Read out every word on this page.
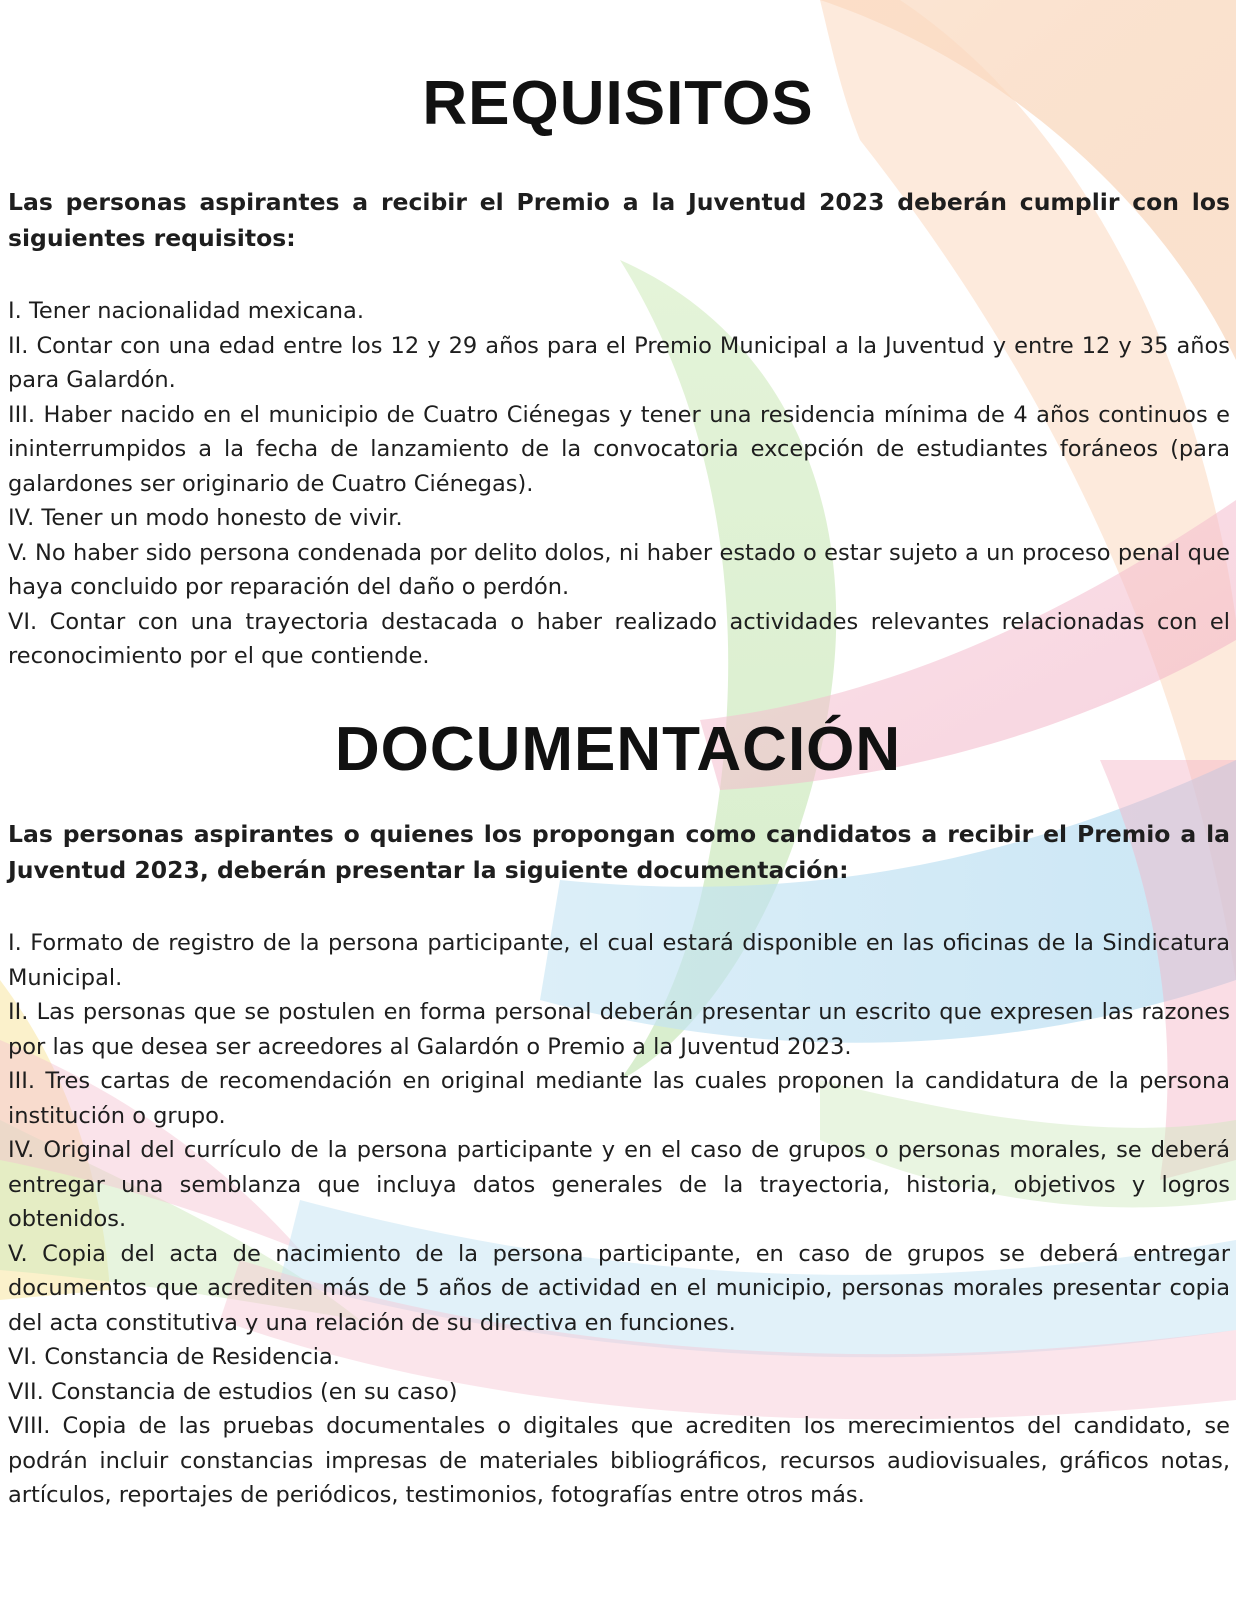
REQUISITOS

Las personas aspirantes a recibir el Premio a la Juventud 2023 deberán cumplir con los siguientes requisitos:

I. Tener nacionalidad mexicana.

II. Contar con una edad entre los 12 y 29 años para el Premio Municipal a la Juventud y entre 12 y 35 años para Galardón.

III. Haber nacido en el municipio de Cuatro Ciénegas y tener una residencia mínima de 4 años continuos e ininterrumpidos a la fecha de lanzamiento de la convocatoria excepción de estudiantes foráneos (para galardones ser originario de Cuatro Ciénegas).

IV. Tener un modo honesto de vivir.

V. No haber sido persona condenada por delito dolos, ni haber estado o estar sujeto a un proceso penal que haya concluido por reparación del daño o perdón.

VI. Contar con una trayectoria destacada o haber realizado actividades relevantes relacionadas con el reconocimiento por el que contiende.

DOCUMENTACIÓN

Las personas aspirantes o quienes los propongan como candidatos a recibir el Premio a la Juventud 2023, deberán presentar la siguiente documentación:

I. Formato de registro de la persona participante, el cual estará disponible en las oficinas de la Sindicatura Municipal.

II. Las personas que se postulen en forma personal deberán presentar un escrito que expresen las razones por las que desea ser acreedores al Galardón o Premio a la Juventud 2023.

III. Tres cartas de recomendación en original mediante las cuales proponen la candidatura de la persona institución o grupo.

IV. Original del currículo de la persona participante y en el caso de grupos o personas morales, se deberá entregar una semblanza que incluya datos generales de la trayectoria, historia, objetivos y logros obtenidos.

V. Copia del acta de nacimiento de la persona participante, en caso de grupos se deberá entregar documentos que acrediten más de 5 años de actividad en el municipio, personas morales presentar copia del acta constitutiva y una relación de su directiva en funciones.

VI. Constancia de Residencia.

VII. Constancia de estudios (en su caso)

VIII. Copia de las pruebas documentales o digitales que acrediten los merecimientos del candidato, se podrán incluir constancias impresas de materiales bibliográficos, recursos audiovisuales, gráficos notas, artículos, reportajes de periódicos, testimonios, fotografías entre otros más.
